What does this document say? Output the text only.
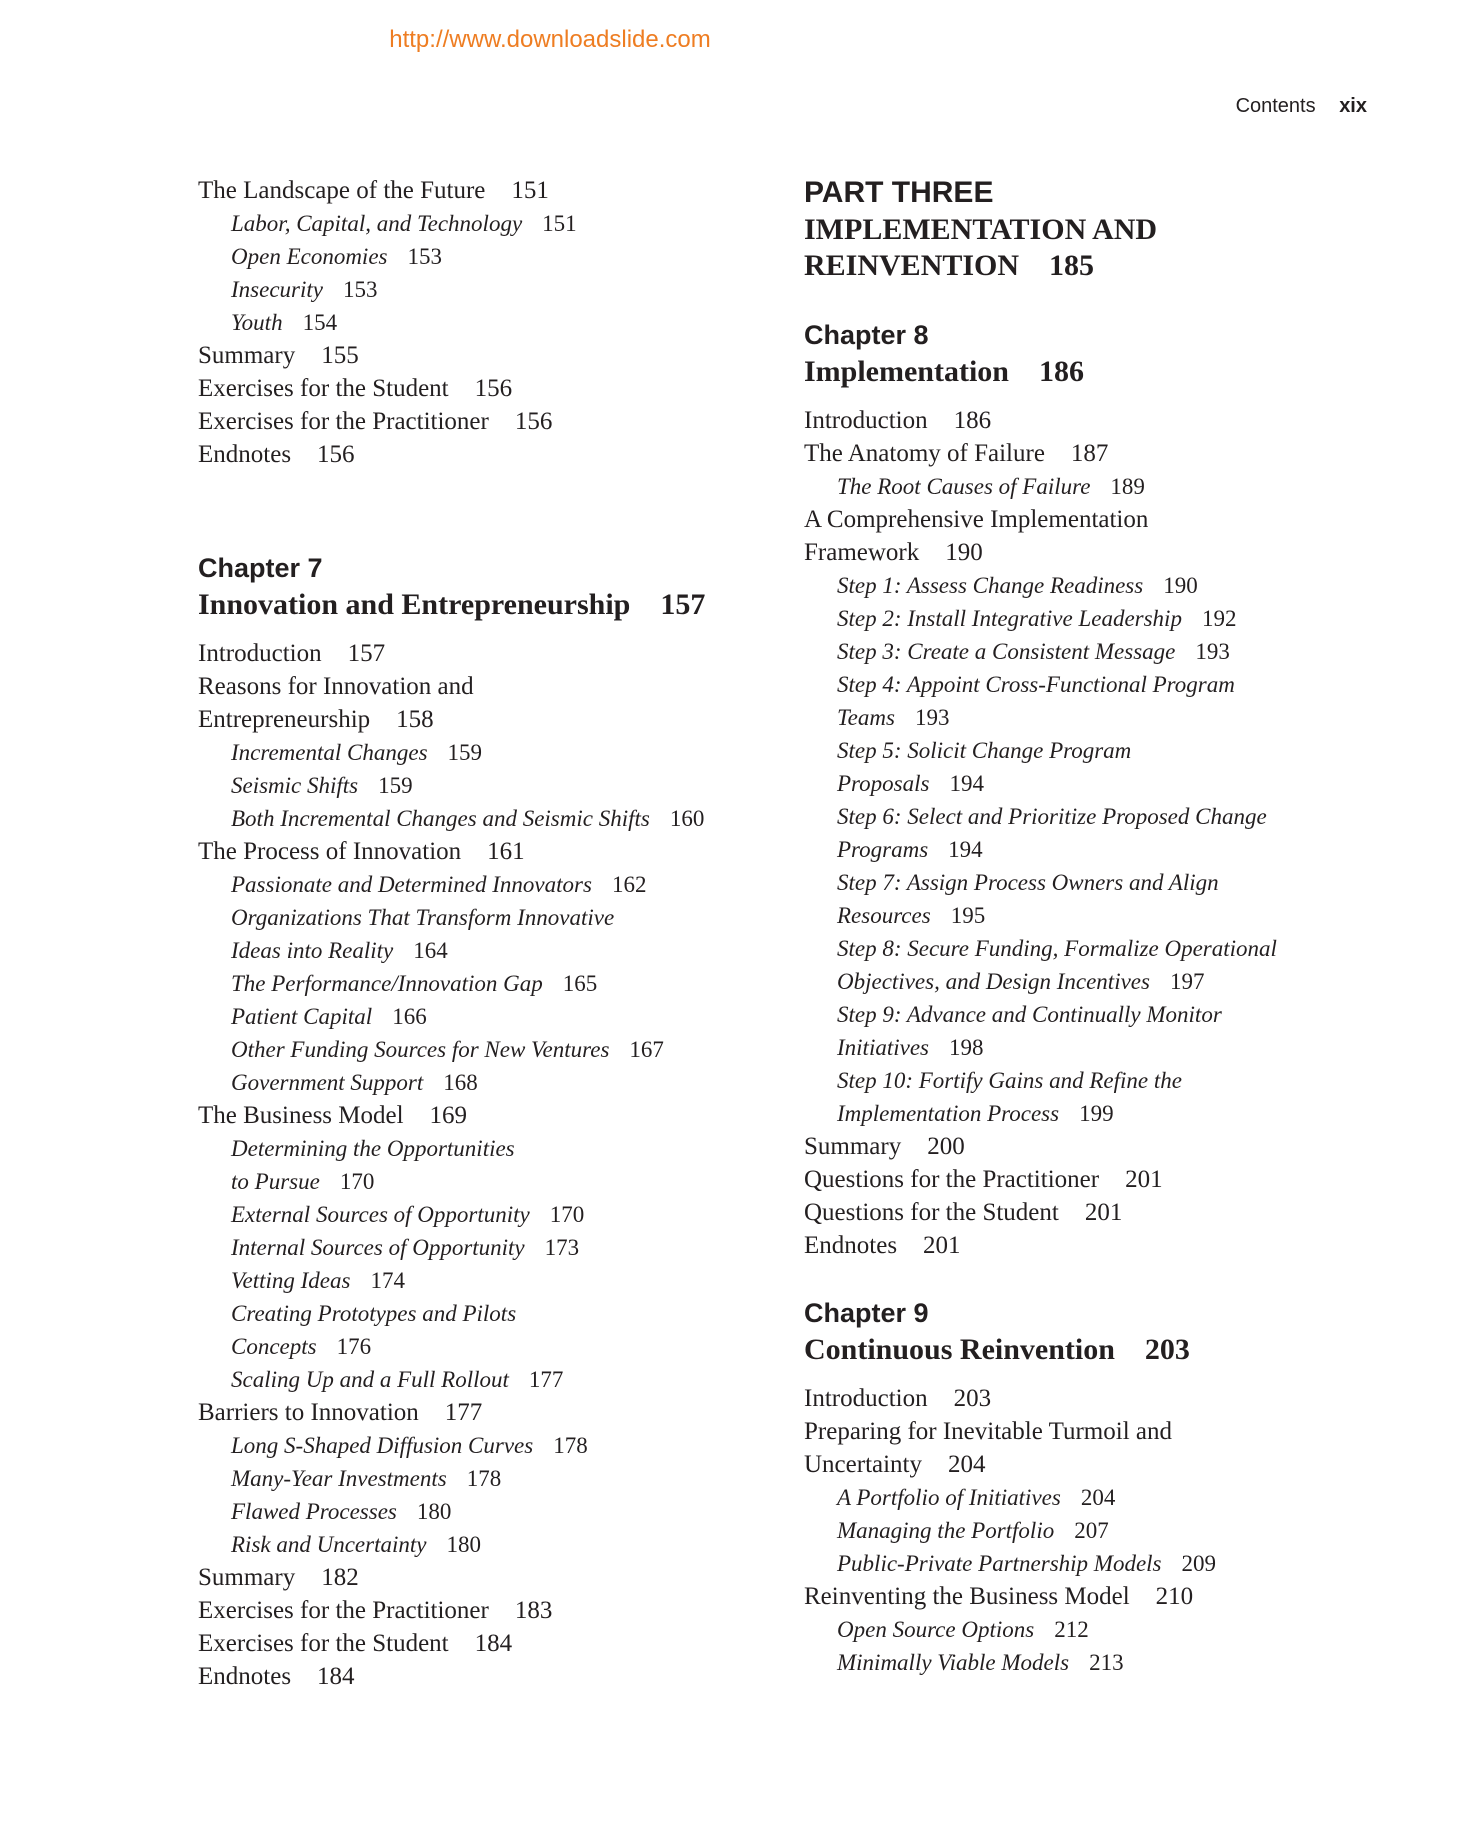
http://www.downloadslide.com
Contents xix
The Landscape of the Future 151
Labor, Capital, and Technology 151
Open Economies 153
Insecurity 153
Youth 154
Summary 155
Exercises for the Student 156
Exercises for the Practitioner 156
Endnotes 156
Chapter 7
Innovation and Entrepreneurship 157
Introduction 157
Reasons for Innovation and
Entrepreneurship 158
Incremental Changes 159
Seismic Shifts 159
Both Incremental Changes and Seismic Shifts 160
The Process of Innovation 161
Passionate and Determined Innovators 162
Organizations That Transform Innovative
Ideas into Reality 164
The Performance/Innovation Gap 165
Patient Capital 166
Other Funding Sources for New Ventures 167
Government Support 168
The Business Model 169
Determining the Opportunities
to Pursue 170
External Sources of Opportunity 170
Internal Sources of Opportunity 173
Vetting Ideas 174
Creating Prototypes and Pilots
Concepts 176
Scaling Up and a Full Rollout 177
Barriers to Innovation 177
Long S-Shaped Diffusion Curves 178
Many-Year Investments 178
Flawed Processes 180
Risk and Uncertainty 180
Summary 182
Exercises for the Practitioner 183
Exercises for the Student 184
Endnotes 184
PART THREE
IMPLEMENTATION AND
REINVENTION 185
Chapter 8
Implementation 186
Introduction 186
The Anatomy of Failure 187
The Root Causes of Failure 189
A Comprehensive Implementation
Framework 190
Step 1: Assess Change Readiness 190
Step 2: Install Integrative Leadership 192
Step 3: Create a Consistent Message 193
Step 4: Appoint Cross-Functional Program
Teams 193
Step 5: Solicit Change Program
Proposals 194
Step 6: Select and Prioritize Proposed Change
Programs 194
Step 7: Assign Process Owners and Align
Resources 195
Step 8: Secure Funding, Formalize Operational
Objectives, and Design Incentives 197
Step 9: Advance and Continually Monitor
Initiatives 198
Step 10: Fortify Gains and Refine the
Implementation Process 199
Summary 200
Questions for the Practitioner 201
Questions for the Student 201
Endnotes 201
Chapter 9
Continuous Reinvention 203
Introduction 203
Preparing for Inevitable Turmoil and
Uncertainty 204
A Portfolio of Initiatives 204
Managing the Portfolio 207
Public-Private Partnership Models 209
Reinventing the Business Model 210
Open Source Options 212
Minimally Viable Models 213
